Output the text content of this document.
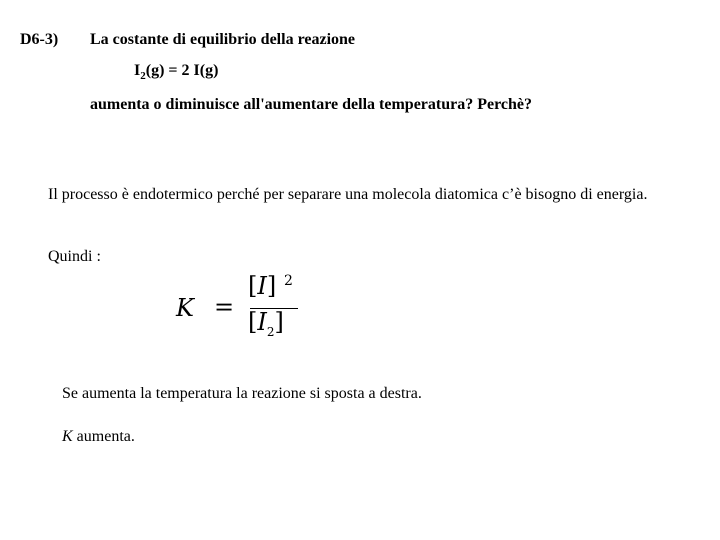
D6-3) La costante di equilibrio della reazione
$I_2(g) = 2$ I(g)
aumenta o diminuisce all'aumentare della temperatura? Perchè?
Il processo è endotermico perché per separare una molecola diatomica c’è bisogno di energia.
Quindi :
K =
[I] 2
$[I_2]$
Se aumenta la temperatura la reazione si sposta a destra.
K aumenta.
